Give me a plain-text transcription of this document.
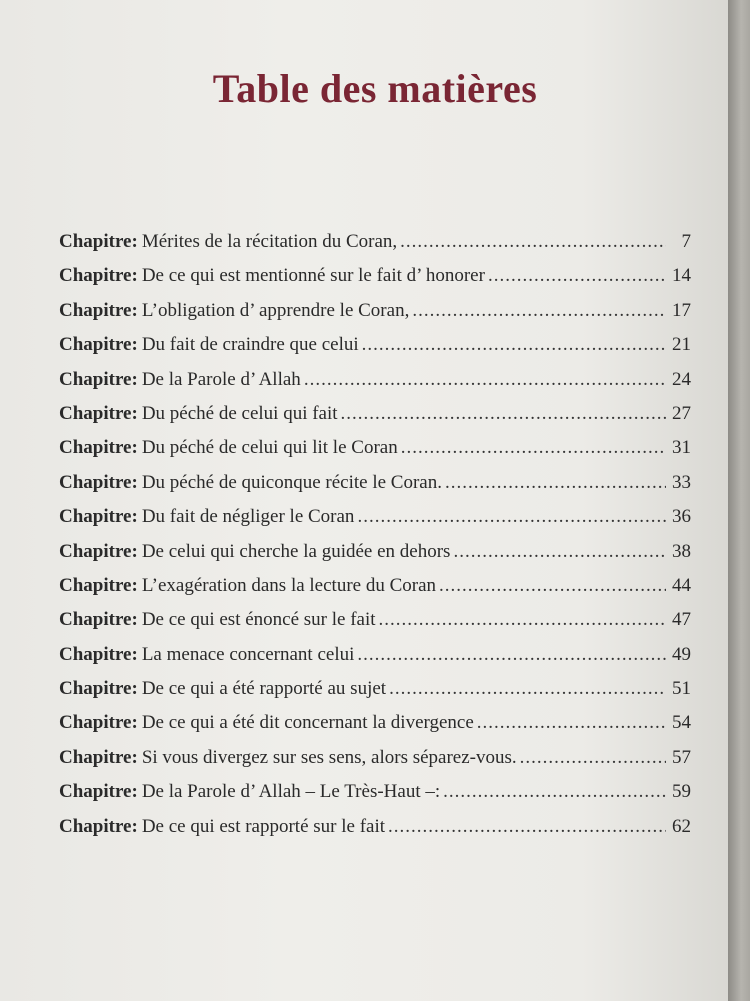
Table des matières
Chapitre: Mérites de la récitation du Coran, .....	7
Chapitre: De ce qui est mentionné sur le fait d’ honorer .....	14
Chapitre: L’obligation d’ apprendre le Coran, .....	17
Chapitre: Du fait de craindre que celui .....	21
Chapitre: De la Parole d’ Allah .....	24
Chapitre: Du péché de celui qui fait .....	27
Chapitre: Du péché de celui qui lit le Coran .....	31
Chapitre: Du péché de quiconque récite le Coran. .....	33
Chapitre: Du fait de négliger le Coran .....	36
Chapitre: De celui qui cherche la guidée en dehors .....	38
Chapitre: L’exagération dans la lecture du Coran .....	44
Chapitre: De ce qui est énoncé sur le fait .....	47
Chapitre: La menace concernant celui .....	49
Chapitre: De ce qui a été rapporté au sujet .....	51
Chapitre: De ce qui a été dit concernant la divergence .....	54
Chapitre: Si vous divergez sur ses sens, alors séparez-vous. .....	57
Chapitre: De la Parole d’ Allah – Le Très-Haut –: .....	59
Chapitre: De ce qui est rapporté sur le fait .....	62
